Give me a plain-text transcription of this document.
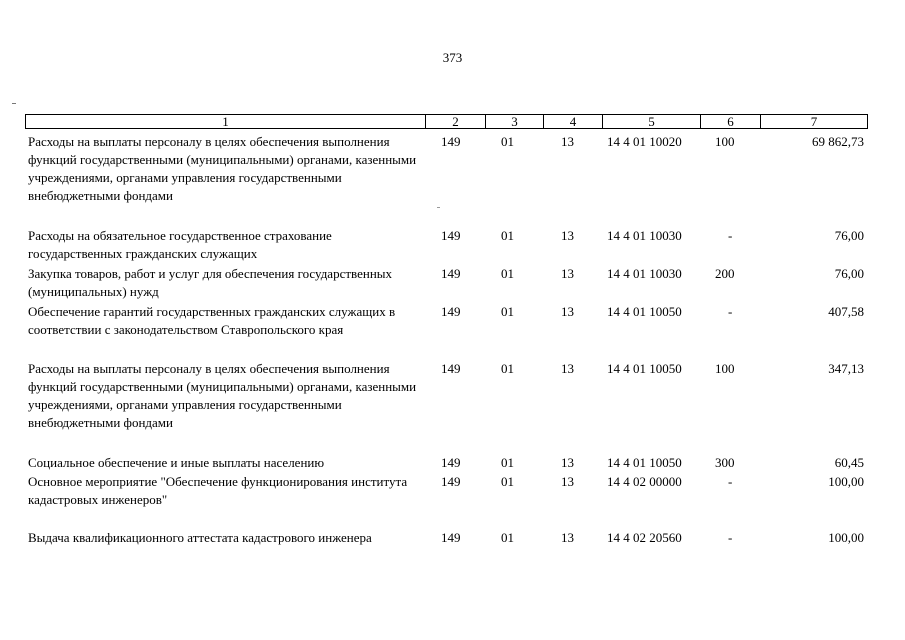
373
1	2	3	4	5	6	7
Расходы на выплаты персоналу в целях обеспечения выполнения функций государственными (муниципальными) органами, казенными учреждениями, органами управления государственными внебюджетными фондами
149	01	13	14 4 01 10020	100	69 862,73
Расходы на обязательное государственное страхование государственных гражданских служащих
149	01	13	14 4 01 10030	-	76,00
Закупка товаров, работ и услуг для обеспечения государственных (муниципальных) нужд
149	01	13	14 4 01 10030	200	76,00
Обеспечение гарантий государственных гражданских служащих в соответствии с законодательством Ставропольского края
149	01	13	14 4 01 10050	-	407,58
Расходы на выплаты персоналу в целях обеспечения выполнения функций государственными (муниципальными) органами, казенными учреждениями, органами управления государственными внебюджетными фондами
149	01	13	14 4 01 10050	100	347,13
Социальное обеспечение и иные выплаты населению	149	01	13	14 4 01 10050	300	60,45
Основное мероприятие "Обеспечение функционирования института кадастровых инженеров"
149	01	13	14 4 02 00000	-	100,00
Выдача квалификационного аттестата кадастрового инженера	149	01	13	14 4 02 20560	-	100,00
